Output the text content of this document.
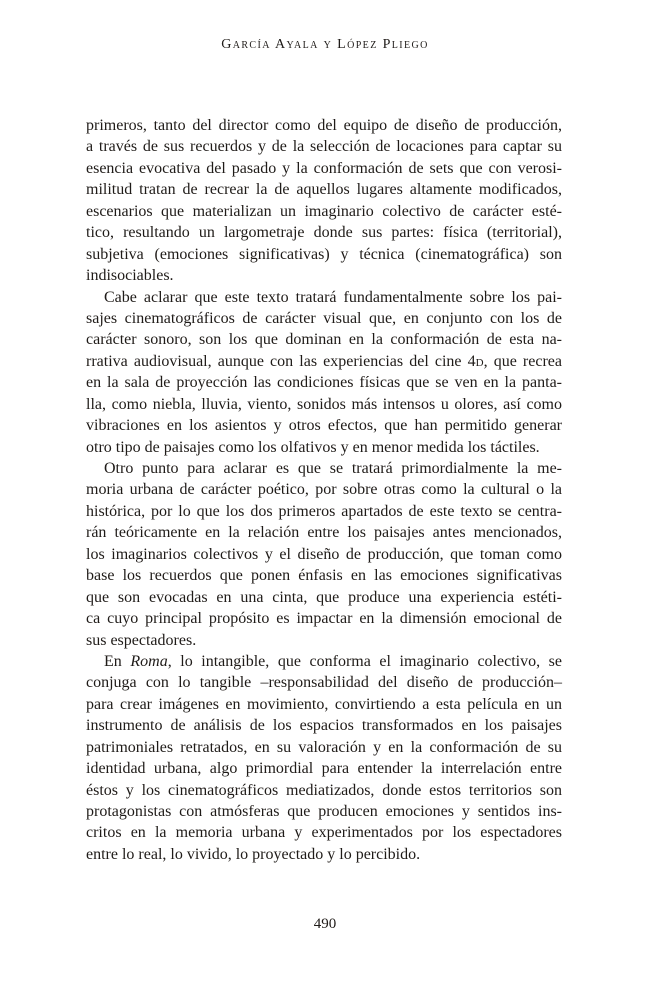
García Ayala y López Pliego
primeros, tanto del director como del equipo de diseño de producción,
a través de sus recuerdos y de la selección de locaciones para captar su
esencia evocativa del pasado y la conformación de sets que con verosi-
militud tratan de recrear la de aquellos lugares altamente modificados,
escenarios que materializan un imaginario colectivo de carácter esté-
tico, resultando un largometraje donde sus partes: física (territorial),
subjetiva (emociones significativas) y técnica (cinematográfica) son
indisociables.
Cabe aclarar que este texto tratará fundamentalmente sobre los pai-
sajes cinematográficos de carácter visual que, en conjunto con los de
carácter sonoro, son los que dominan en la conformación de esta na-
rrativa audiovisual, aunque con las experiencias del cine 4d, que recrea
en la sala de proyección las condiciones físicas que se ven en la panta-
lla, como niebla, lluvia, viento, sonidos más intensos u olores, así como
vibraciones en los asientos y otros efectos, que han permitido generar
otro tipo de paisajes como los olfativos y en menor medida los táctiles.
Otro punto para aclarar es que se tratará primordialmente la me-
moria urbana de carácter poético, por sobre otras como la cultural o la
histórica, por lo que los dos primeros apartados de este texto se centra-
rán teóricamente en la relación entre los paisajes antes mencionados,
los imaginarios colectivos y el diseño de producción, que toman como
base los recuerdos que ponen énfasis en las emociones significativas
que son evocadas en una cinta, que produce una experiencia estéti-
ca cuyo principal propósito es impactar en la dimensión emocional de
sus espectadores.
En Roma, lo intangible, que conforma el imaginario colectivo, se
conjuga con lo tangible –responsabilidad del diseño de producción–
para crear imágenes en movimiento, convirtiendo a esta película en un
instrumento de análisis de los espacios transformados en los paisajes
patrimoniales retratados, en su valoración y en la conformación de su
identidad urbana, algo primordial para entender la interrelación entre
éstos y los cinematográficos mediatizados, donde estos territorios son
protagonistas con atmósferas que producen emociones y sentidos ins-
critos en la memoria urbana y experimentados por los espectadores
entre lo real, lo vivido, lo proyectado y lo percibido.
490
